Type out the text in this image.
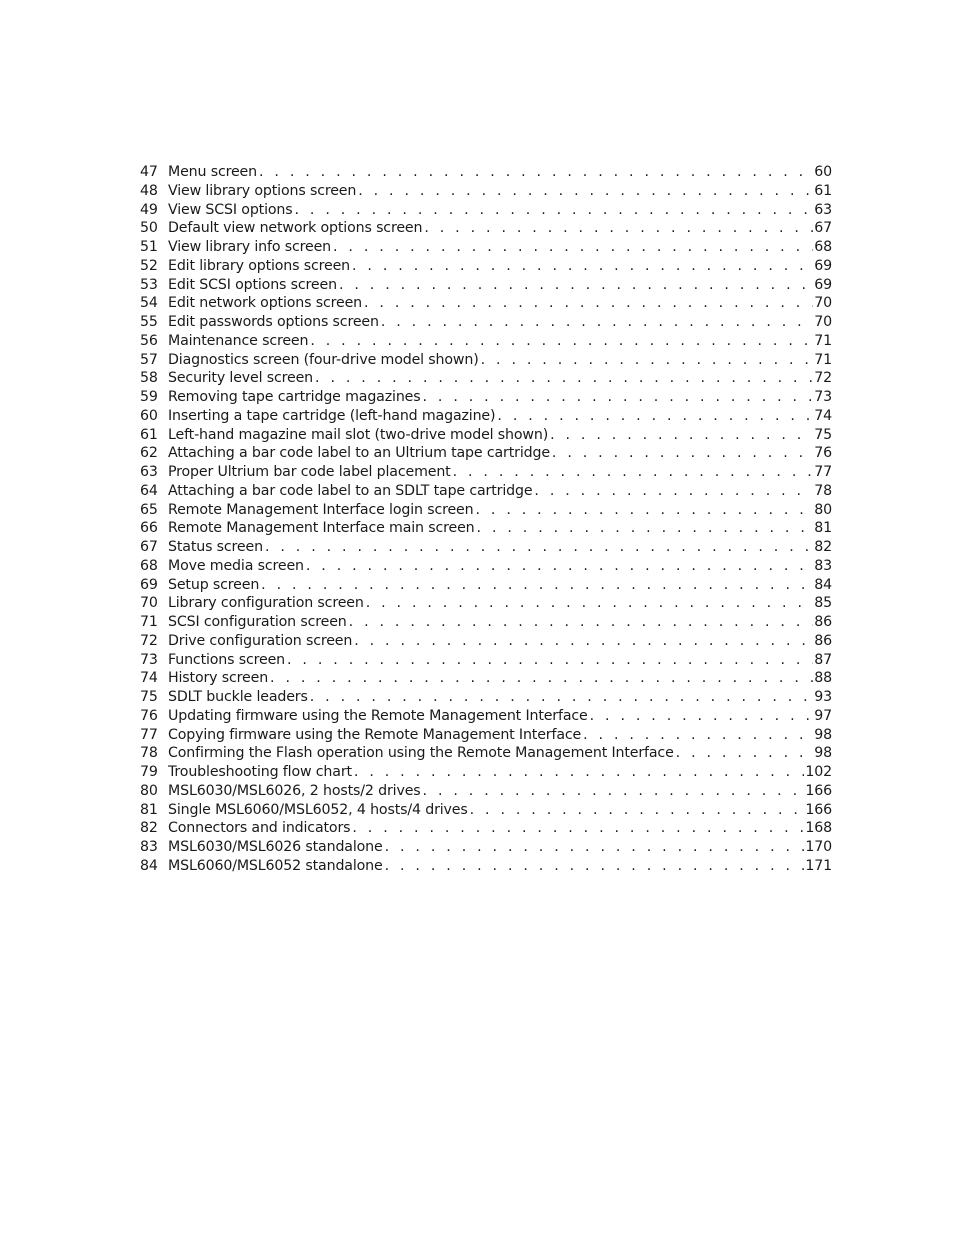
47 Menu screen . . .	60
48 View library options screen . . .	61
49 View SCSI options . . .	63
50 Default view network options screen . . .	67
51 View library info screen . . .	68
52 Edit library options screen . . .	69
53 Edit SCSI options screen . . .	69
54 Edit network options screen . . .	70
55 Edit passwords options screen . . .	70
56 Maintenance screen . . .	71
57 Diagnostics screen (four-drive model shown) . . .	71
58 Security level screen . . .	72
59 Removing tape cartridge magazines . . .	73
60 Inserting a tape cartridge (left-hand magazine) . . .	74
61 Left-hand magazine mail slot (two-drive model shown) . . .	75
62 Attaching a bar code label to an Ultrium tape cartridge . . .	76
63 Proper Ultrium bar code label placement . . .	77
64 Attaching a bar code label to an SDLT tape cartridge . . .	78
65 Remote Management Interface login screen . . .	80
66 Remote Management Interface main screen . . .	81
67 Status screen . . .	82
68 Move media screen . . .	83
69 Setup screen . . .	84
70 Library configuration screen . . .	85
71 SCSI configuration screen . . .	86
72 Drive configuration screen . . .	86
73 Functions screen . . .	87
74 History screen . . .	88
75 SDLT buckle leaders . . .	93
76 Updating firmware using the Remote Management Interface . . .	97
77 Copying firmware using the Remote Management Interface . . .	98
78 Confirming the Flash operation using the Remote Management Interface . . .	98
79 Troubleshooting flow chart . . .	102
80 MSL6030/MSL6026, 2 hosts/2 drives . . .	166
81 Single MSL6060/MSL6052, 4 hosts/4 drives . . .	166
82 Connectors and indicators . . .	168
83 MSL6030/MSL6026 standalone . . .	170
84 MSL6060/MSL6052 standalone . . .	171
